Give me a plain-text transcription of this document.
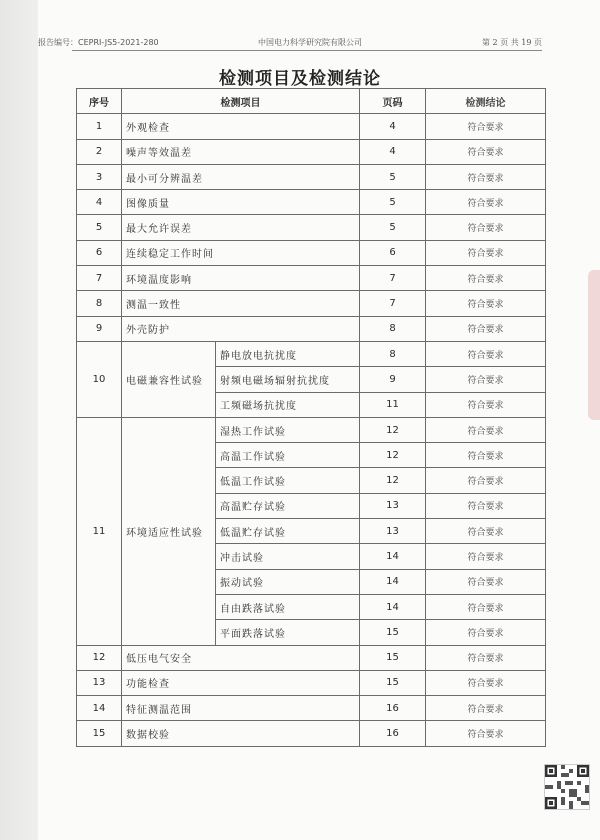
报告编号：CEPRI-JS5-2021-280	中国电力科学研究院有限公司	第 2 页 共 19 页
检测项目及检测结论
序号	检测项目		页码	检测结论
1	外观检查		4	符合要求
2	噪声等效温差		4	符合要求
3	最小可分辨温差		5	符合要求
4	图像质量		5	符合要求
5	最大允许误差		5	符合要求
6	连续稳定工作时间		6	符合要求
7	环境温度影响		7	符合要求
8	测温一致性		7	符合要求
9	外壳防护		8	符合要求
10	电磁兼容性试验	静电放电抗扰度	8	符合要求
		射频电磁场辐射抗扰度	9	符合要求
		工频磁场抗扰度	11	符合要求
11	环境适应性试验	湿热工作试验	12	符合要求
		高温工作试验	12	符合要求
		低温工作试验	12	符合要求
		高温贮存试验	13	符合要求
		低温贮存试验	13	符合要求
		冲击试验	14	符合要求
		振动试验	14	符合要求
		自由跌落试验	14	符合要求
		平面跌落试验	15	符合要求
12	低压电气安全		15	符合要求
13	功能检查		15	符合要求
14	特征测温范围		16	符合要求
15	数据校验		16	符合要求
